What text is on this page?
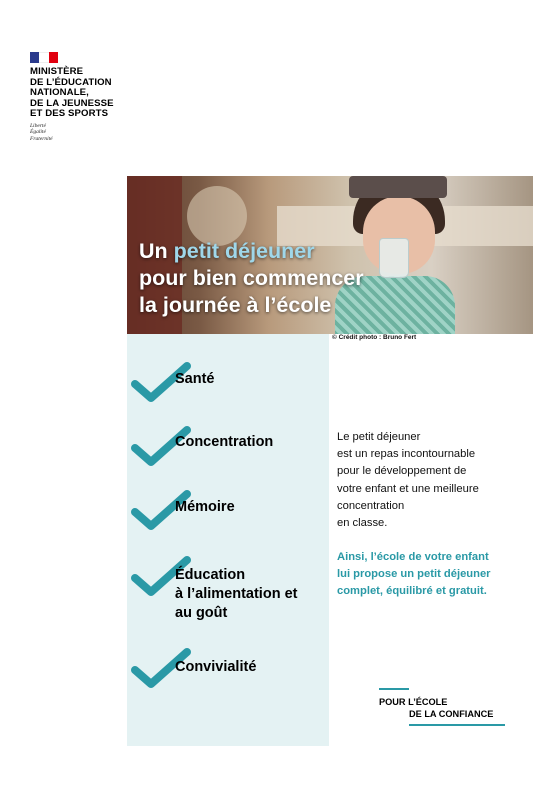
MINISTÈRE
DE L’ÉDUCATION
NATIONALE,
DE LA JEUNESSE
ET DES SPORTS
Liberté
Égalité
Fraternité
Un petit déjeuner
pour bien commencer
la journée à l’école
© Crédit photo : Bruno Fert
Santé
Concentration
Mémoire
Éducation
à l’alimentation et
au goût
Convivialité
Le petit déjeuner
est un repas incontournable
pour le développement de
votre enfant et une meilleure
concentration
en classe.
Ainsi, l’école de votre enfant
lui propose un petit déjeuner
complet, équilibré et gratuit.
POUR L’ÉCOLE
DE LA CONFIANCE
